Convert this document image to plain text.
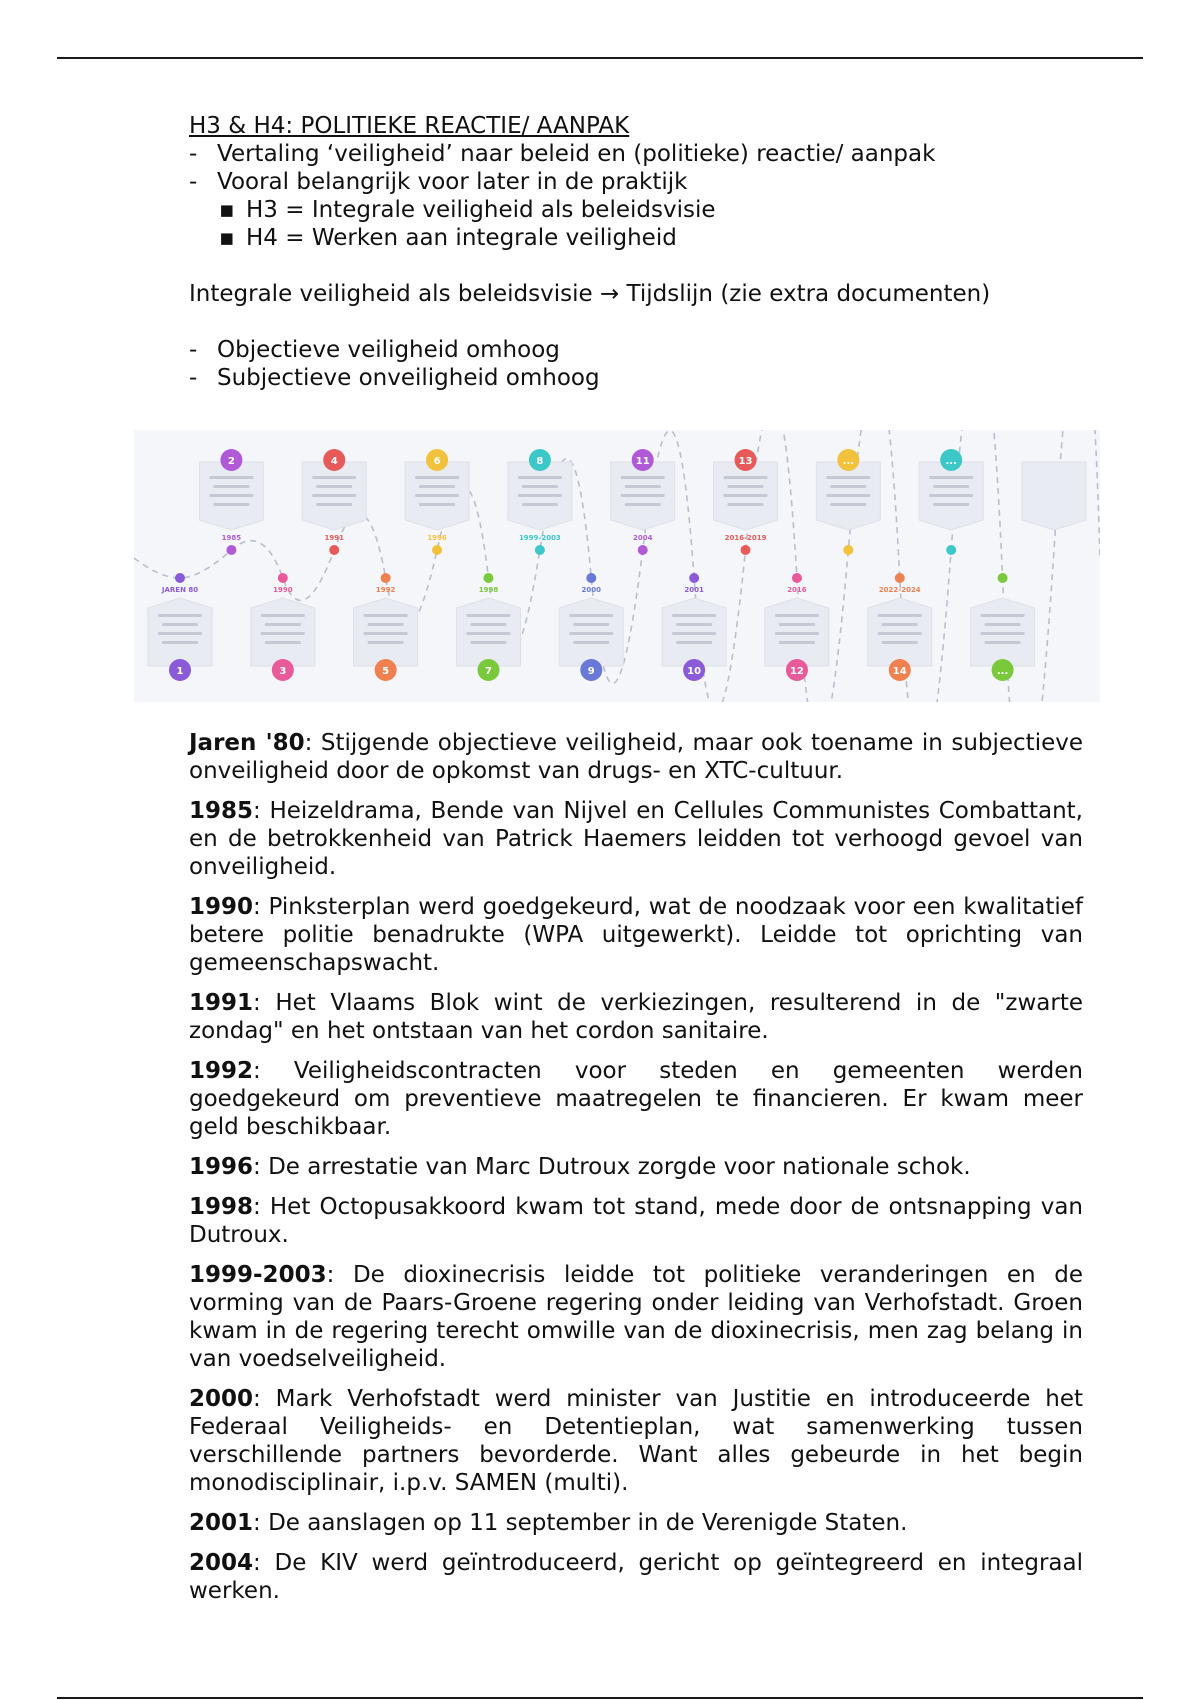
H3 & H4: POLITIEKE REACTIE/ AANPAK
- Vertaling ‘veiligheid’ naar beleid en (politieke) reactie/ aanpak
- Vooral belangrijk voor later in de praktijk
▪ H3 = Integrale veiligheid als beleidsvisie
▪ H4 = Werken aan integrale veiligheid
Integrale veiligheid als beleidsvisie → Tijdslijn (zie extra documenten)
- Objectieve veiligheid omhoog
- Subjectieve onveiligheid omhoog
2
1985
4
1991
6
1996
8
1999-2003
11
2004
13
2016-2019
...	...
1
JAREN 80
3
1990
5
1992
7
1998
9
2000
10
2001
12
2016
14
2022-2024
...

Jaren '80: Stijgende objectieve veiligheid, maar ook toename in subjectieve onveiligheid door de opkomst van drugs- en XTC-cultuur.

1985: Heizeldrama, Bende van Nijvel en Cellules Communistes Combattant, en de betrokkenheid van Patrick Haemers leidden tot verhoogd gevoel van onveiligheid.

1990: Pinksterplan werd goedgekeurd, wat de noodzaak voor een kwalitatief betere politie benadrukte (WPA uitgewerkt). Leidde tot oprichting van gemeenschapswacht.

1991: Het Vlaams Blok wint de verkiezingen, resulterend in de "zwarte zondag" en het ontstaan van het cordon sanitaire.

1992: Veiligheidscontracten voor steden en gemeenten werden goedgekeurd om preventieve maatregelen te financieren. Er kwam meer geld beschikbaar.

1996: De arrestatie van Marc Dutroux zorgde voor nationale schok.

1998: Het Octopusakkoord kwam tot stand, mede door de ontsnapping van Dutroux.

1999-2003: De dioxinecrisis leidde tot politieke veranderingen en de vorming van de Paars-Groene regering onder leiding van Verhofstadt. Groen kwam in de regering terecht omwille van de dioxinecrisis, men zag belang in van voedselveiligheid.

2000: Mark Verhofstadt werd minister van Justitie en introduceerde het Federaal Veiligheids- en Detentieplan, wat samenwerking tussen verschillende partners bevorderde. Want alles gebeurde in het begin monodisciplinair, i.p.v. SAMEN (multi).

2001: De aanslagen op 11 september in de Verenigde Staten.

2004: De KIV werd geïntroduceerd, gericht op geïntegreerd en integraal werken.
